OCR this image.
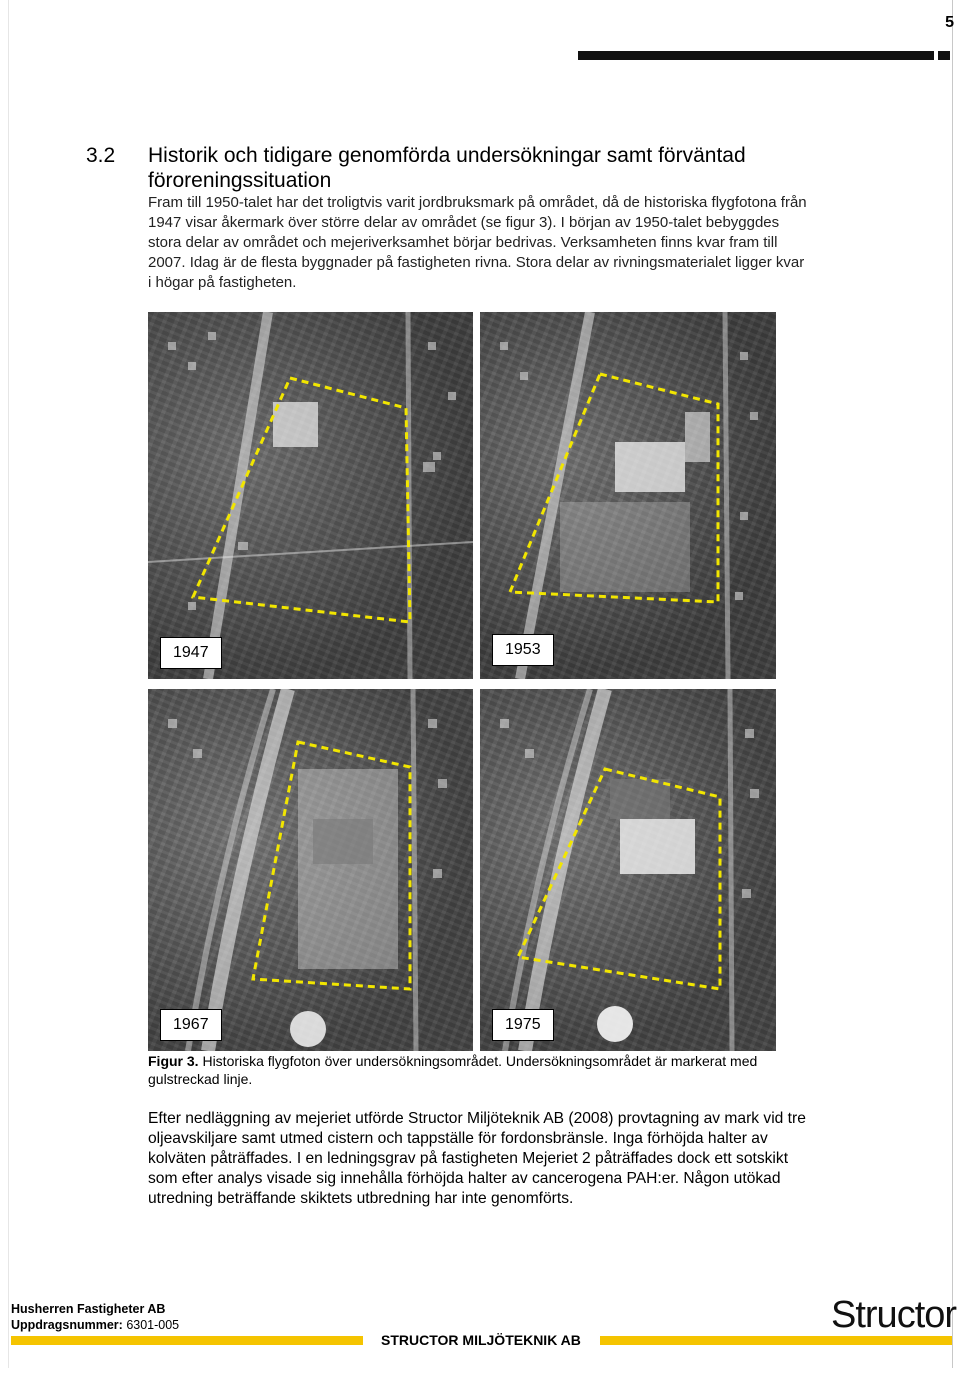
5
3.2 Historik och tidigare genomförda undersökningar samt förväntad föroreningssituation
Fram till 1950-talet har det troligtvis varit jordbruksmark på området, då de historiska flygfotona från 1947 visar åkermark över större delar av området (se figur 3). I början av 1950-talet bebyggdes stora delar av området och mejeriverksamhet börjar bedrivas. Verksamheten finns kvar fram till 2007. Idag är de flesta byggnader på fastigheten rivna. Stora delar av rivningsmaterialet ligger kvar i högar på fastigheten.
1947	1953
1967	1975
Figur 3. Historiska flygfoton över undersökningsområdet. Undersökningsområdet är markerat med gulstreckad linje.
Efter nedläggning av mejeriet utförde Structor Miljöteknik AB (2008) provtagning av mark vid tre oljeavskiljare samt utmed cistern och tappställe för fordonsbränsle. Inga förhöjda halter av kolväten påträffades. I en ledningsgrav på fastigheten Mejeriet 2 påträffades dock ett sotskikt som efter analys visade sig innehålla förhöjda halter av cancerogena PAH:er. Någon utökad utredning beträffande skiktets utbredning har inte genomförts.
Husherren Fastigheter AB
Uppdragsnummer: 6301-005
STRUCTOR MILJÖTEKNIK AB
Structor
